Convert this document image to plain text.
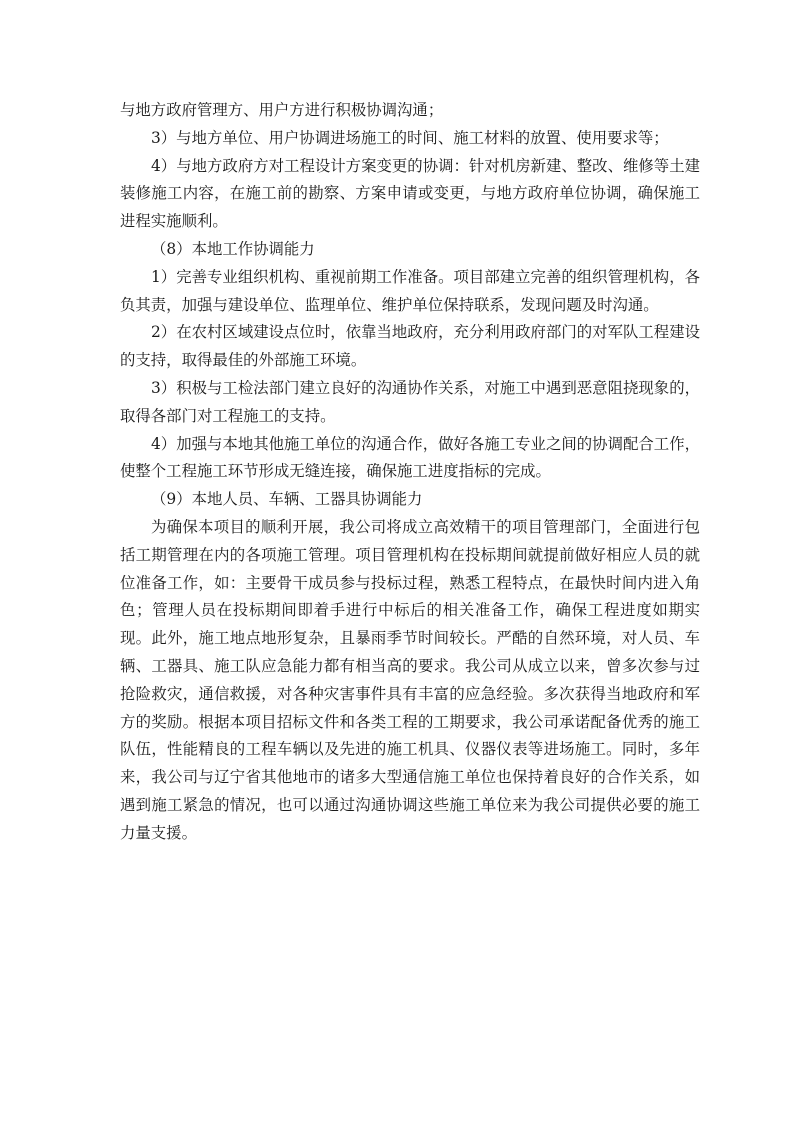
与地方政府管理方、用户方进行积极协调沟通；

3）与地方单位、用户协调进场施工的时间、施工材料的放置、使用要求等；

4）与地方政府方对工程设计方案变更的协调：针对机房新建、整改、维修等土建装修施工内容，在施工前的勘察、方案申请或变更，与地方政府单位协调，确保施工进程实施顺利。

（8）本地工作协调能力

1）完善专业组织机构、重视前期工作准备。项目部建立完善的组织管理机构，各负其责，加强与建设单位、监理单位、维护单位保持联系，发现问题及时沟通。

2）在农村区域建设点位时，依靠当地政府，充分利用政府部门的对军队工程建设的支持，取得最佳的外部施工环境。

3）积极与工检法部门建立良好的沟通协作关系，对施工中遇到恶意阻挠现象的，取得各部门对工程施工的支持。

4）加强与本地其他施工单位的沟通合作，做好各施工专业之间的协调配合工作，使整个工程施工环节形成无缝连接，确保施工进度指标的完成。

（9）本地人员、车辆、工器具协调能力

为确保本项目的顺利开展，我公司将成立高效精干的项目管理部门，全面进行包括工期管理在内的各项施工管理。项目管理机构在投标期间就提前做好相应人员的就位准备工作，如：主要骨干成员参与投标过程，熟悉工程特点，在最快时间内进入角色；管理人员在投标期间即着手进行中标后的相关准备工作，确保工程进度如期实现。此外，施工地点地形复杂，且暴雨季节时间较长。严酷的自然环境，对人员、车辆、工器具、施工队应急能力都有相当高的要求。我公司从成立以来，曾多次参与过抢险救灾，通信救援，对各种灾害事件具有丰富的应急经验。多次获得当地政府和军方的奖励。根据本项目招标文件和各类工程的工期要求，我公司承诺配备优秀的施工队伍，性能精良的工程车辆以及先进的施工机具、仪器仪表等进场施工。同时，多年来，我公司与辽宁省其他地市的诸多大型通信施工单位也保持着良好的合作关系，如遇到施工紧急的情况，也可以通过沟通协调这些施工单位来为我公司提供必要的施工力量支援。
